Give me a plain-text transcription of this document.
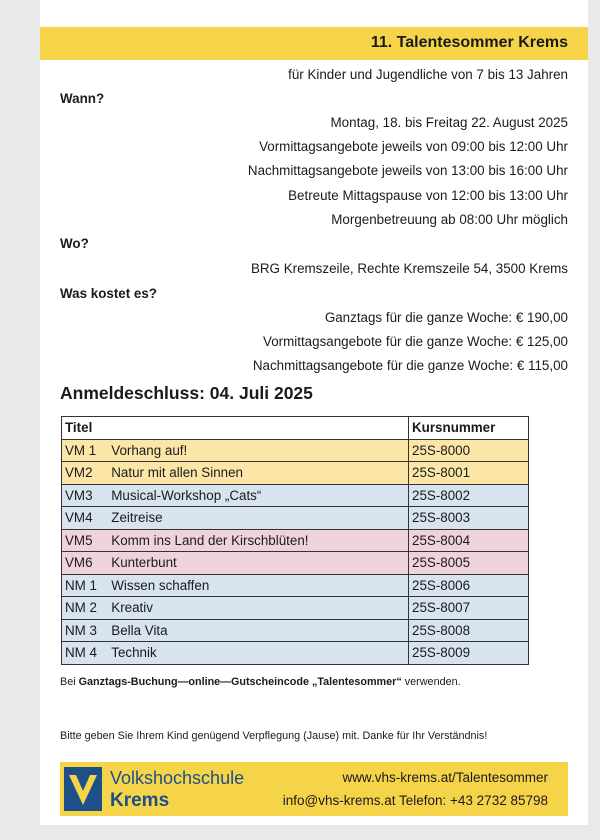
11. Talentesommer Krems
für Kinder und Jugendliche von 7 bis 13 Jahren
Wann?
Montag, 18. bis Freitag 22. August 2025
Vormittagsangebote jeweils von 09:00 bis 12:00 Uhr
Nachmittagsangebote jeweils von 13:00 bis 16:00 Uhr
Betreute Mittagspause von 12:00 bis 13:00 Uhr
Morgenbetreuung ab 08:00 Uhr möglich
Wo?
BRG Kremszeile, Rechte Kremszeile 54, 3500 Krems
Was kostet es?
Ganztags für die ganze Woche: € 190,00
Vormittagsangebote für die ganze Woche: € 125,00
Nachmittagsangebote für die ganze Woche: € 115,00
Anmeldeschluss: 04. Juli 2025
Titel		Kursnummer
VM 1	Vorhang auf!	25S-8000
VM2	Natur mit allen Sinnen	25S-8001
VM3	Musical-Workshop „Cats“	25S-8002
VM4	Zeitreise	25S-8003
VM5	Komm ins Land der Kirschblüten!	25S-8004
VM6	Kunterbunt	25S-8005
NM 1	Wissen schaffen	25S-8006
NM 2	Kreativ	25S-8007
NM 3	Bella Vita	25S-8008
NM 4	Technik	25S-8009
Bei Ganztags-Buchung—online—Gutscheincode „Talentesommer“ verwenden.
Bitte geben Sie Ihrem Kind genügend Verpflegung (Jause) mit. Danke für Ihr Verständnis!
Volkshochschule
Krems
www.vhs-krems.at/Talentesommer
info@vhs-krems.at Telefon: +43 2732 85798
